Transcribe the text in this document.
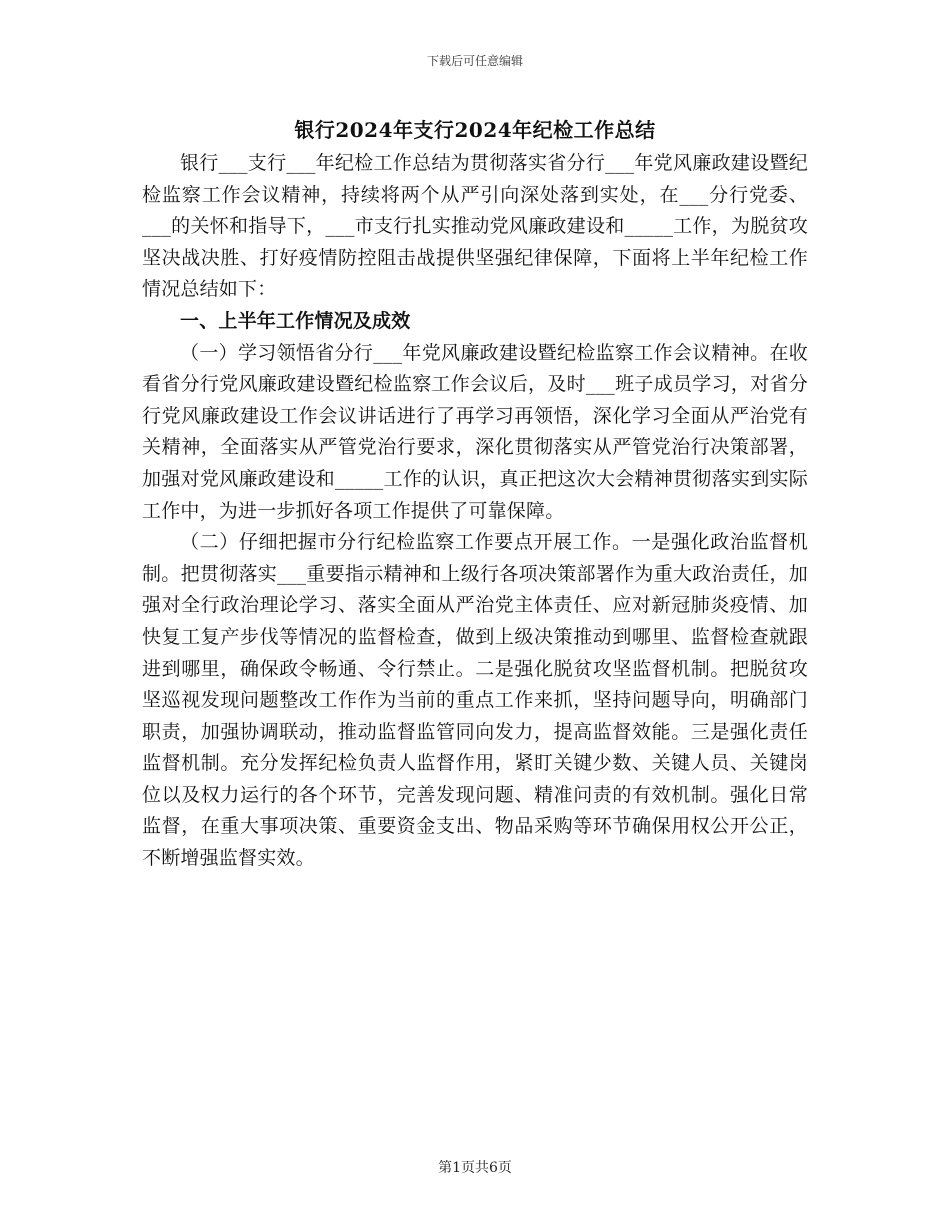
下载后可任意编辑
银行2024年支行2024年纪检工作总结

银行___支行___年纪检工作总结为贯彻落实省分行___年党风廉政建设暨纪检监察工作会议精神，持续将两个从严引向深处落到实处，在___分行党委、___的关怀和指导下，___市支行扎实推动党风廉政建设和_____工作，为脱贫攻坚决战决胜、打好疫情防控阻击战提供坚强纪律保障，下面将上半年纪检工作情况总结如下：

一、上半年工作情况及成效

（一）学习领悟省分行___年党风廉政建设暨纪检监察工作会议精神。在收看省分行党风廉政建设暨纪检监察工作会议后，及时___班子成员学习，对省分行党风廉政建设工作会议讲话进行了再学习再领悟，深化学习全面从严治党有关精神，全面落实从严管党治行要求，深化贯彻落实从严管党治行决策部署，加强对党风廉政建设和_____工作的认识，真正把这次大会精神贯彻落实到实际工作中，为进一步抓好各项工作提供了可靠保障。

（二）仔细把握市分行纪检监察工作要点开展工作。一是强化政治监督机制。把贯彻落实___重要指示精神和上级行各项决策部署作为重大政治责任，加强对全行政治理论学习、落实全面从严治党主体责任、应对新冠肺炎疫情、加快复工复产步伐等情况的监督检查，做到上级决策推动到哪里、监督检查就跟进到哪里，确保政令畅通、令行禁止。二是强化脱贫攻坚监督机制。把脱贫攻坚巡视发现问题整改工作作为当前的重点工作来抓，坚持问题导向，明确部门职责，加强协调联动，推动监督监管同向发力，提高监督效能。三是强化责任监督机制。充分发挥纪检负责人监督作用，紧盯关键少数、关键人员、关键岗位以及权力运行的各个环节，完善发现问题、精准问责的有效机制。强化日常监督，在重大事项决策、重要资金支出、物品采购等环节确保用权公开公正，不断增强监督实效。

第1页共6页
